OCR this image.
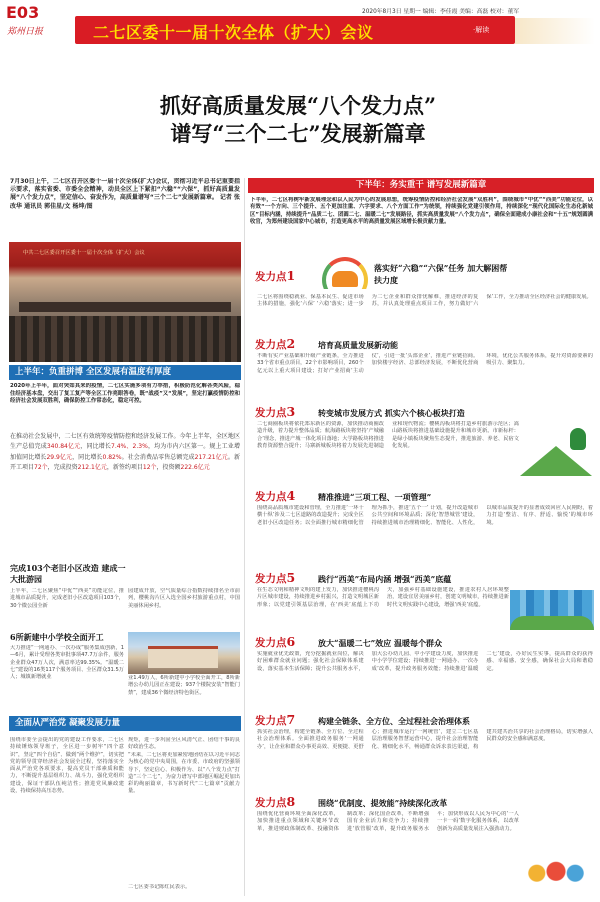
E03
郑州日报
2020年8月3日 星期一 编辑：李佳霞 美编：高磊 校对：董军
二七区委十一届十次全体（扩大）会议	·解读
抓好高质量发展“八个发力点”
谱写“三个二七”发展新篇章
7月30日上午，二七区召开区委十一届十次全体(扩大)会议，贯彻习近平总书记重要指示要求，落实省委、市委全会精神，动员全区上下紧扣“六稳”“六保”，抓好高质量发展“八个发力点”，坚定信心、奋发作为，高质量谱写“三个二七”发展新篇章。 记者 张改华 通讯员 郭佳星/文 杨坤/图
中共二七区委召开区委十一届十次全体（扩大）会议
上半年：负重拼博 全区发展有温度有厚度
2020年上半年，面对突如其来的疫情，二七区实施多项有力举措，积极防范化解各类风险，稳住经济基本盘，交出了复工复产等全区工作亮眼答卷，既“战疫”又“发展”，坚定打赢疫情防控和经济社会发展双胜利，确保防控工作常态化，稳定可控。
在推动社会发展中，二七区有效统筹疫情防控和经济发展工作。今年上半年，全区地区生产总值完成340.84亿元，同比增长7.4%、2.3%，均为市内六区第一。规上工业增加值同比增长29.9亿元，同比增长0.82%。社会消费品零售总额完成217.21亿元。新开工项目72个，完成投资212.1亿元，新签约项目12个，投资额222.6亿元
完成103个老旧小区改造 建成一大批游园
上半年，二七区聚焦“中优”“西美”功能定位，推进城市品质提升，完成老旧小区改造项目103个，30个微公园全新
园建成开放，空气质量综合指数持续排名全市前列，樱桃沟片区入选全国乡村旅游重点村，中国美丽休闲乡村。
6所新建中小学校全面开工
大力推进“一网通办、一次办成”服务集成创新，1—6月，累计受理各类审批事项47.7万余件，服务企业群众47万人次，满意率达99.35%。“温暖二七”建设的16类117个服务项目、全区群众31.5万人；城镇新增就业	业1.49万人，6所新建中小学校全面开工，8所新增公办幼儿园正在建设；937个楼院安装“智能门禁”，建成36个微经济特色街区。
全面从严治党 凝聚发展力量
围绕市委全会提出的党的建设工作要求，二七区持续锤炼领导班子，全区进一步树牢“四个意识”，坚定“四个自信”、做到“两个维护”，切实把党的领导贯穿经济社会发展全过程，坚持落实全面从严治党各项要求，提高党员干部素质和能力，不断提升基层组织力、战斗力，强化党组织建设，保证干部队伍纯洁性；推进党风廉政建设，持续保持高压态势。
规矩，进一步巩固全区风清气正、团结干事的良好政治生态。
“未来，二七区将更加紧密地团结在以习近平同志为核心的党中央周围，在市委、市政府的坚强领导下，坚定信心、积极作为、以“八个发力点”打造“三个二七”，为奋力谱写中部地区崛起更加出彩的绚丽篇章，书写新时代“二七篇章”贡献力量。
二七区委书记陈红民表示。
下半年：务实重干 谱写发展新篇章
下半年，二七区将树牢新发展理念和以人民为中心的发展思想，统筹疫情防控和经济社会发展“双胜利”，围绕城市“中优”“西美”功能定位，以有效“一个方向、三个提升、五个更加注重、六字要求、八个方面工作”为统领，持续强化党建引领作用，持续深化“现代化国际化生态化新城区”目标内涵，持续提升“品质二七、团圆二七、温暖二七”发展路径，抓实高质量发展“八个发力点”，确保全面建成小康社会和“十五”规划圆满收官，为郑州建设国家中心城市，打造更高水平的高质量发展区域增长极贡献力量。
发力点1	落实好“六稳”“六保”任务 加大解困帮扶力度
二七区将围绕稳就业、保基本民生、促进市场主体的措施，强化‘六保’ ‘六稳’落实；进一步为二七企业和群众排忧解难，推进经济的复苏，并认真处理重点项目工作，努力做好‘六保’工作，全力推动全区经济社会的健康发展。
发力点2	培育高质量发展新动能
不断有实产业基础和升级产业链条，全力推进33个省市重点项目，22个市影响项目，260个亿元以上重大项目建设；打好产业招商‘主动仗’，引进一批‘头部企业’，推进产业链招商。加快楼宇经济、总部经济发展，不断优化营商环境，优化公共服务体系，提升对资源要素的吸引力、聚集力。
发力点3	转变城市发展方式 抓实六个核心板块打造
二七商圈板块将依托郑东新区的资源，加快推动商圈改造升级，着力提升整体品质；航海路板块将坚持‘产城融合’理念，推进产城一体化项目落地；大学路板块将推进教育资源整合提升；马寨新城板块将着力发展先进制造业和现代物流；樱桃沟板块将打造乡村旅游示范区；嵩山路板块将推进基础设施提升和城市更新。市新标杆：是绿小镇板块聚焦生态提升，推进旅游、养老、民宿文化发展。
发力点4	精准推进“三项工程、一项管理”
围绕高品质城市建设和管理，全力推进‘一环十横十纵’涉及二七区道路的改造提升；完成全区老旧小区改造任务；以全面推行城市精细化管理为抓手，推进‘五个一’ 计划，提升改造城市公共空间和环境品质；深化‘智慧城管’建设，持续推进城市治理精细化、智能化、人性化，以城市品质提升的显著成效回应人民期盼，着力打造‘整洁、有序、舒适、愉悦’的城市环境。
发力点5	践行“西美”布局内涵 增强“西美”底蕴
在生态文明和精神文明的建上发力，加快推进樱桃沟片区城市建设，持续推进乡村振兴，打造文明城区新形象；以党建引领基层治理，在‘西美’底蕴上下功夫，加强乡村基础设施建设，推进农村人居环境整治，建设宜居美丽乡村，创建文明城市，持续推进新时代文明实践中心建设，增强‘西美’底蕴。
发力点6	放大“温暖二七”效应 温暖每个群众
实施就业优先政策，充分挖掘就业岗位，解决好困难群众就业问题；强化社会保障体系建设，落实基本生活保障；提升公共服务水平，加大公办幼儿园、中小学建设力度，加快推进中小学学位建设；持续推进‘一网通办、一次办成’改革，提升政务服务效能；持续推进‘温暖二七’建设，办好民生实事，提高群众的获得感、幸福感、安全感，确保社会大局和谐稳定。
发力点7	构建全链条、全方位、全过程社会治理体系
抓实社会治理，构建全链条、全方位、全过程社会治理体系。全面推进政务服务‘一网通办’，让企业和群众办事更高效、更便捷、更舒心；推进城市运行‘一网统管’，建立二七区基层治理服务智慧运营中心，提升社会治理智能化、精细化水平，畅通群众诉求表达渠道，构建共建共治共享的社会治理格局，切实增强人民群众的安全感和满意度。
发力点8	围绕“优制度、提效能”持续深化改革
围绕优化营商环境全面深化改革，加快推进重点领域和关键环节改革，推进财政体制改革、投融资体制改革；深化国企改革，不断增强国有企业活力和竞争力；持续推进‘放管服’改革，提升政务服务水平；加快形成以人民为中心的‘一人一卡一码’数字化服务体系，以改革创新为高质量发展注入强劲动力。
